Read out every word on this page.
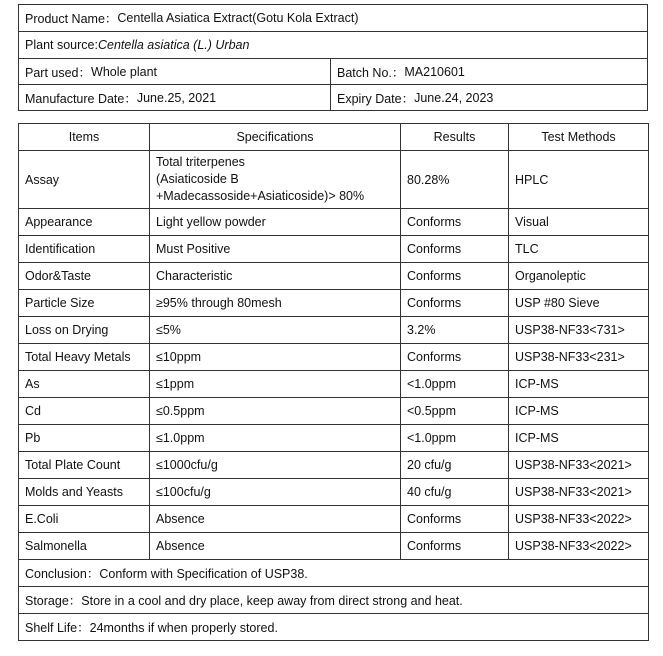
Product Name： Centella Asiatica Extract(Gotu Kola Extract)
Plant source: Centella asiatica (L.) Urban
Part used： Whole plant	Batch No.： MA210601
Manufacture Date： June.25, 2021	Expiry Date： June.24, 2023
Items	Specifications	Results	Test Methods
Assay	Total triterpenes
(Asiaticoside B
+Madecassoside+Asiaticoside)> 80%	80.28%	HPLC
Appearance	Light yellow powder	Conforms	Visual
Identification	Must Positive	Conforms	TLC
Odor&Taste	Characteristic	Conforms	Organoleptic
Particle Size	≥95% through 80mesh	Conforms	USP #80 Sieve
Loss on Drying	≤5%	3.2%	USP38-NF33<731>
Total Heavy Metals	≤10ppm	Conforms	USP38-NF33<231>
As	≤1ppm	<1.0ppm	ICP-MS
Cd	≤0.5ppm	<0.5ppm	ICP-MS
Pb	≤1.0ppm	<1.0ppm	ICP-MS
Total Plate Count	≤1000cfu/g	20 cfu/g	USP38-NF33<2021>
Molds and Yeasts	≤100cfu/g	40 cfu/g	USP38-NF33<2021>
E.Coli	Absence	Conforms	USP38-NF33<2022>
Salmonella	Absence	Conforms	USP38-NF33<2022>
Conclusion：Conform with Specification of USP38.			
Storage：Store in a cool and dry place, keep away from direct strong and heat.			
Shelf Life：24months if when properly stored.			
